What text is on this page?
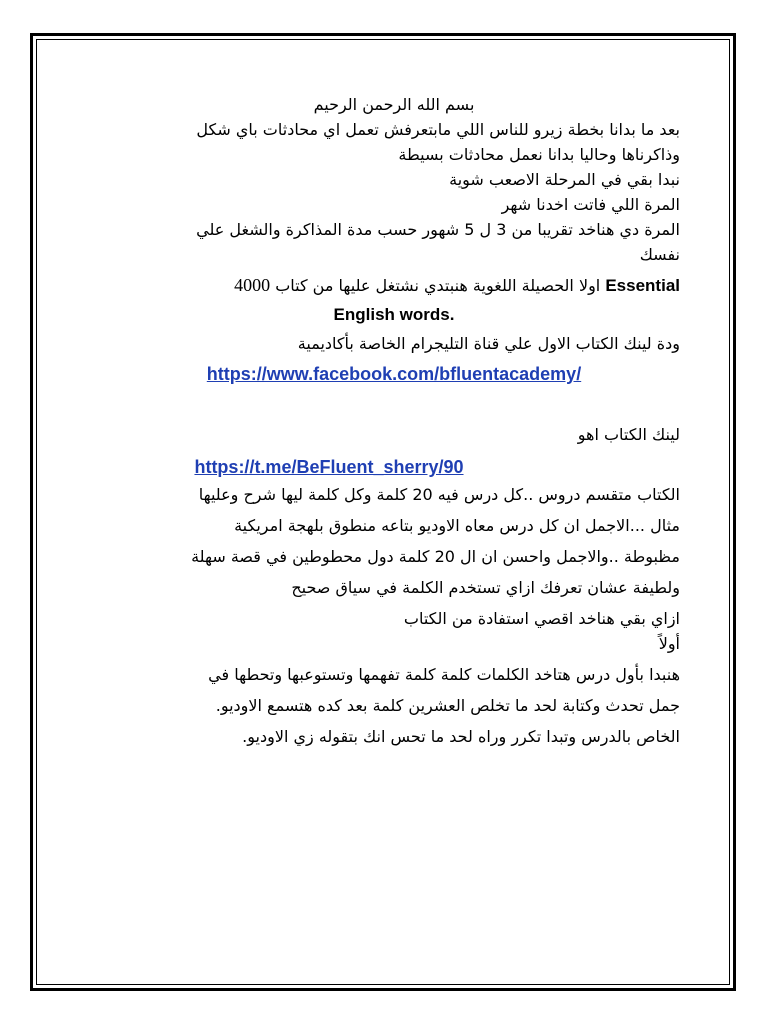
بسم الله الرحمن الرحيم
بعد ما بدانا بخطة زيرو للناس اللي مابتعرفش تعمل اي محادثات باي شكل
وذاكرناها وحاليا بدانا نعمل محادثات بسيطة
نبدا بقي في المرحلة الاصعب شوية
المرة اللي فاتت اخدنا شهر
المرة دي هناخد تقريبا من 3 ل 5 شهور حسب مدة المذاكرة والشغل علي
نفسك
Essential اولا الحصيلة اللغوية هنبتدي نشتغل عليها من كتاب 4000
English words.
ودة لينك الكتاب الاول علي قناة التليجرام الخاصة بأكاديمية
https://www.facebook.com/bfluentacademy/
لينك الكتاب اهو
https://t.me/BeFluent_sherry/90
الكتاب متقسم دروس ..كل درس فيه 20 كلمة وكل كلمة ليها شرح وعليها
مثال ...الاجمل ان كل درس معاه الاوديو بتاعه منطوق بلهجة امريكية
مظبوطة ..والاجمل واحسن ان ال 20 كلمة دول محطوطين في قصة سهلة
ولطيفة عشان تعرفك ازاي تستخدم الكلمة في سياق صحيح
ازاي بقي هناخد اقصي استفادة من الكتاب
أولاً
هنبدا بأول درس هتاخد الكلمات كلمة كلمة تفهمها وتستوعبها وتحطها في
جمل تحدث وكتابة لحد ما تخلص العشرين كلمة بعد كده هتسمع الاوديو.
الخاص بالدرس وتبدا تكرر وراه لحد ما تحس انك بتقوله زي الاوديو.
